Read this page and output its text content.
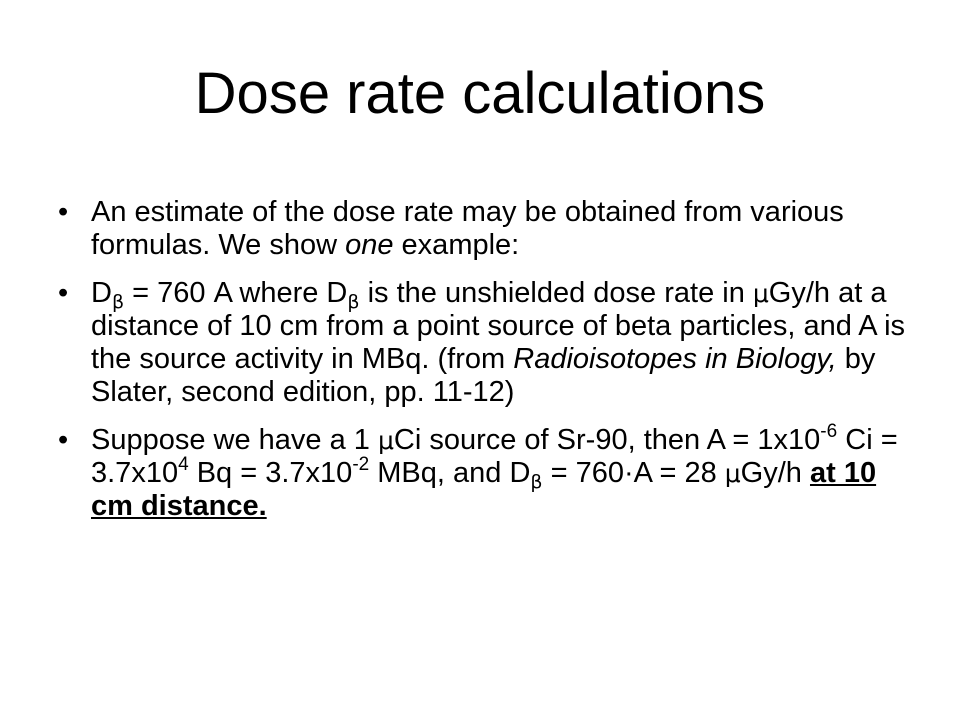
Dose rate calculations
• An estimate of the dose rate may be obtained from various formulas. We show one example:
• $D_\beta = 760$ A where $D_\beta$ is the unshielded dose rate in μGy/h at a distance of 10 cm from a point source of beta particles, and A is the source activity in MBq. (from Radioisotopes in Biology, by Slater, second edition, pp. 11-12)
• Suppose we have a 1 μCi source of Sr-90, then $A = 1x10^{-6}$ $Ci = 3.7x10^4$ $Bq = 3.7x10^{-2}$ MBq, and $D_\beta = 760\cdot A = 28$ μGy/h at 10 cm distance.
